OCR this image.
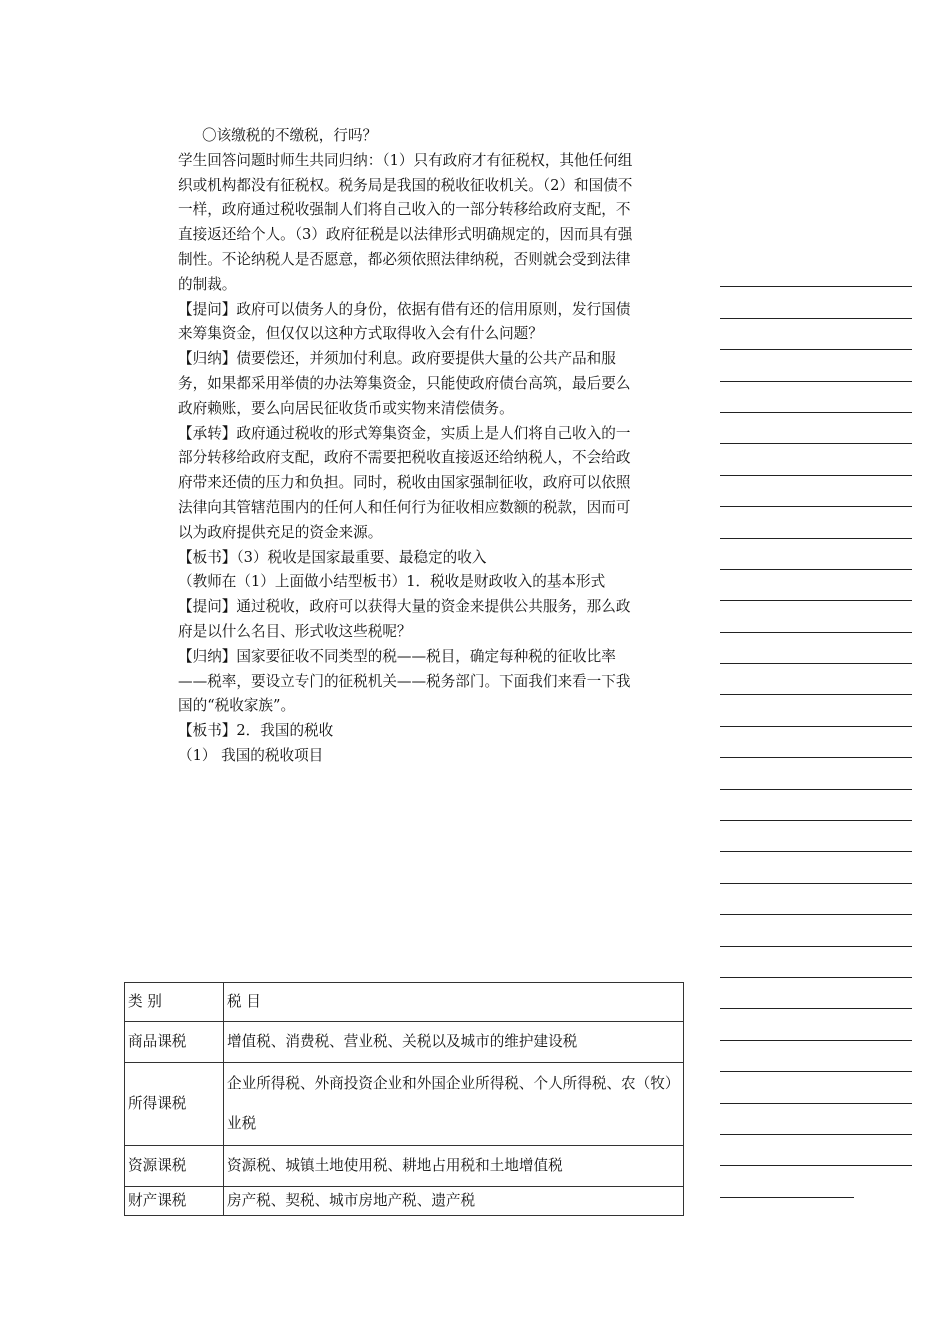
〇该缴税的不缴税，行吗？

学生回答问题时师生共同归纳：（1）只有政府才有征税权，其他任何组织或机构都没有征税权。税务局是我国的税收征收机关。（2）和国债不一样，政府通过税收强制人们将自己收入的一部分转移给政府支配，不直接返还给个人。（3）政府征税是以法律形式明确规定的，因而具有强制性。不论纳税人是否愿意，都必须依照法律纳税，否则就会受到法律的制裁。

【提问】政府可以债务人的身份，依据有借有还的信用原则，发行国债来筹集资金，但仅仅以这种方式取得收入会有什么问题？

【归纳】债要偿还，并须加付利息。政府要提供大量的公共产品和服务，如果都采用举债的办法筹集资金，只能使政府债台高筑，最后要么政府赖账，要么向居民征收货币或实物来清偿债务。

【承转】政府通过税收的形式筹集资金，实质上是人们将自己收入的一部分转移给政府支配，政府不需要把税收直接返还给纳税人，不会给政府带来还债的压力和负担。同时，税收由国家强制征收，政府可以依照法律向其管辖范围内的任何人和任何行为征收相应数额的税款，因而可以为政府提供充足的资金来源。

【板书】（3）税收是国家最重要、最稳定的收入

（教师在（1）上面做小结型板书）1．税收是财政收入的基本形式

【提问】通过税收，政府可以获得大量的资金来提供公共服务，那么政府是以什么名目、形式收这些税呢？

【归纳】国家要征收不同类型的税——税目，确定每种税的征收比率——税率，要设立专门的征税机关——税务部门。下面我们来看一下我国的“税收家族”。

【板书】2．我国的税收

（1） 我国的税收项目

类 别	税 目
商品课税	增值税、消费税、营业税、关税以及城市的维护建设税
所得课税	企业所得税、外商投资企业和外国企业所得税、个人所得税、农（牧）业税
资源课税	资源税、城镇土地使用税、耕地占用税和土地增值税
财产课税	房产税、契税、城市房地产税、遗产税
